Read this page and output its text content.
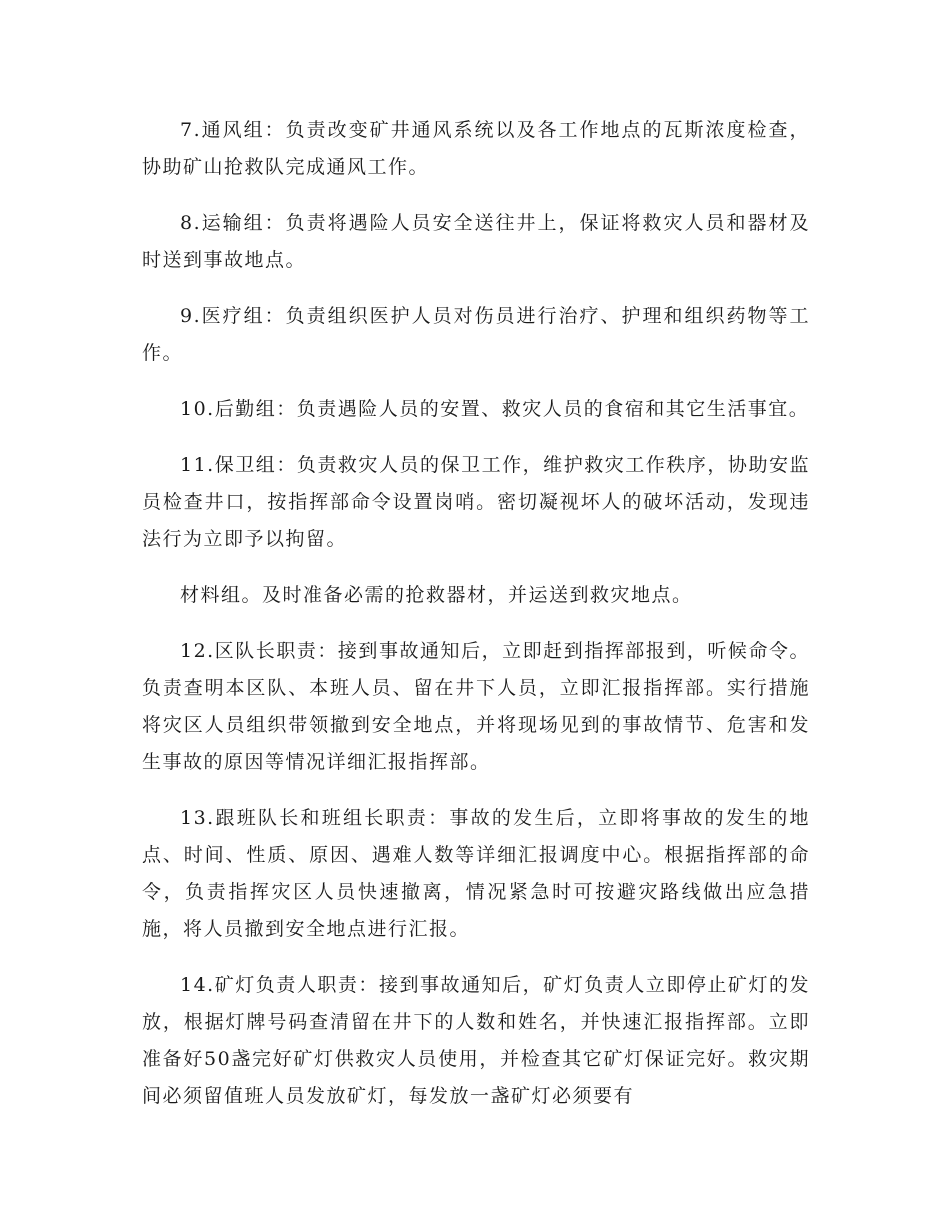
7.通风组：负责改变矿井通风系统以及各工作地点的瓦斯浓度检查，协助矿山抢救队完成通风工作。

8.运输组：负责将遇险人员安全送往井上，保证将救灾人员和器材及时送到事故地点。

9.医疗组：负责组织医护人员对伤员进行治疗、护理和组织药物等工作。

10.后勤组：负责遇险人员的安置、救灾人员的食宿和其它生活事宜。

11.保卫组：负责救灾人员的保卫工作，维护救灾工作秩序，协助安监员检查井口，按指挥部命令设置岗哨。密切凝视坏人的破坏活动，发现违法行为立即予以拘留。

材料组。及时准备必需的抢救器材，并运送到救灾地点。

12.区队长职责：接到事故通知后，立即赶到指挥部报到，听候命令。负责查明本区队、本班人员、留在井下人员，立即汇报指挥部。实行措施将灾区人员组织带领撤到安全地点，并将现场见到的事故情节、危害和发生事故的原因等情况详细汇报指挥部。

13.跟班队长和班组长职责：事故的发生后，立即将事故的发生的地点、时间、性质、原因、遇难人数等详细汇报调度中心。根据指挥部的命令，负责指挥灾区人员快速撤离，情况紧急时可按避灾路线做出应急措施，将人员撤到安全地点进行汇报。

14.矿灯负责人职责：接到事故通知后，矿灯负责人立即停止矿灯的发放，根据灯牌号码查清留在井下的人数和姓名，并快速汇报指挥部。立即准备好50盏完好矿灯供救灾人员使用，并检查其它矿灯保证完好。救灾期间必须留值班人员发放矿灯，每发放一盏矿灯必须要有
